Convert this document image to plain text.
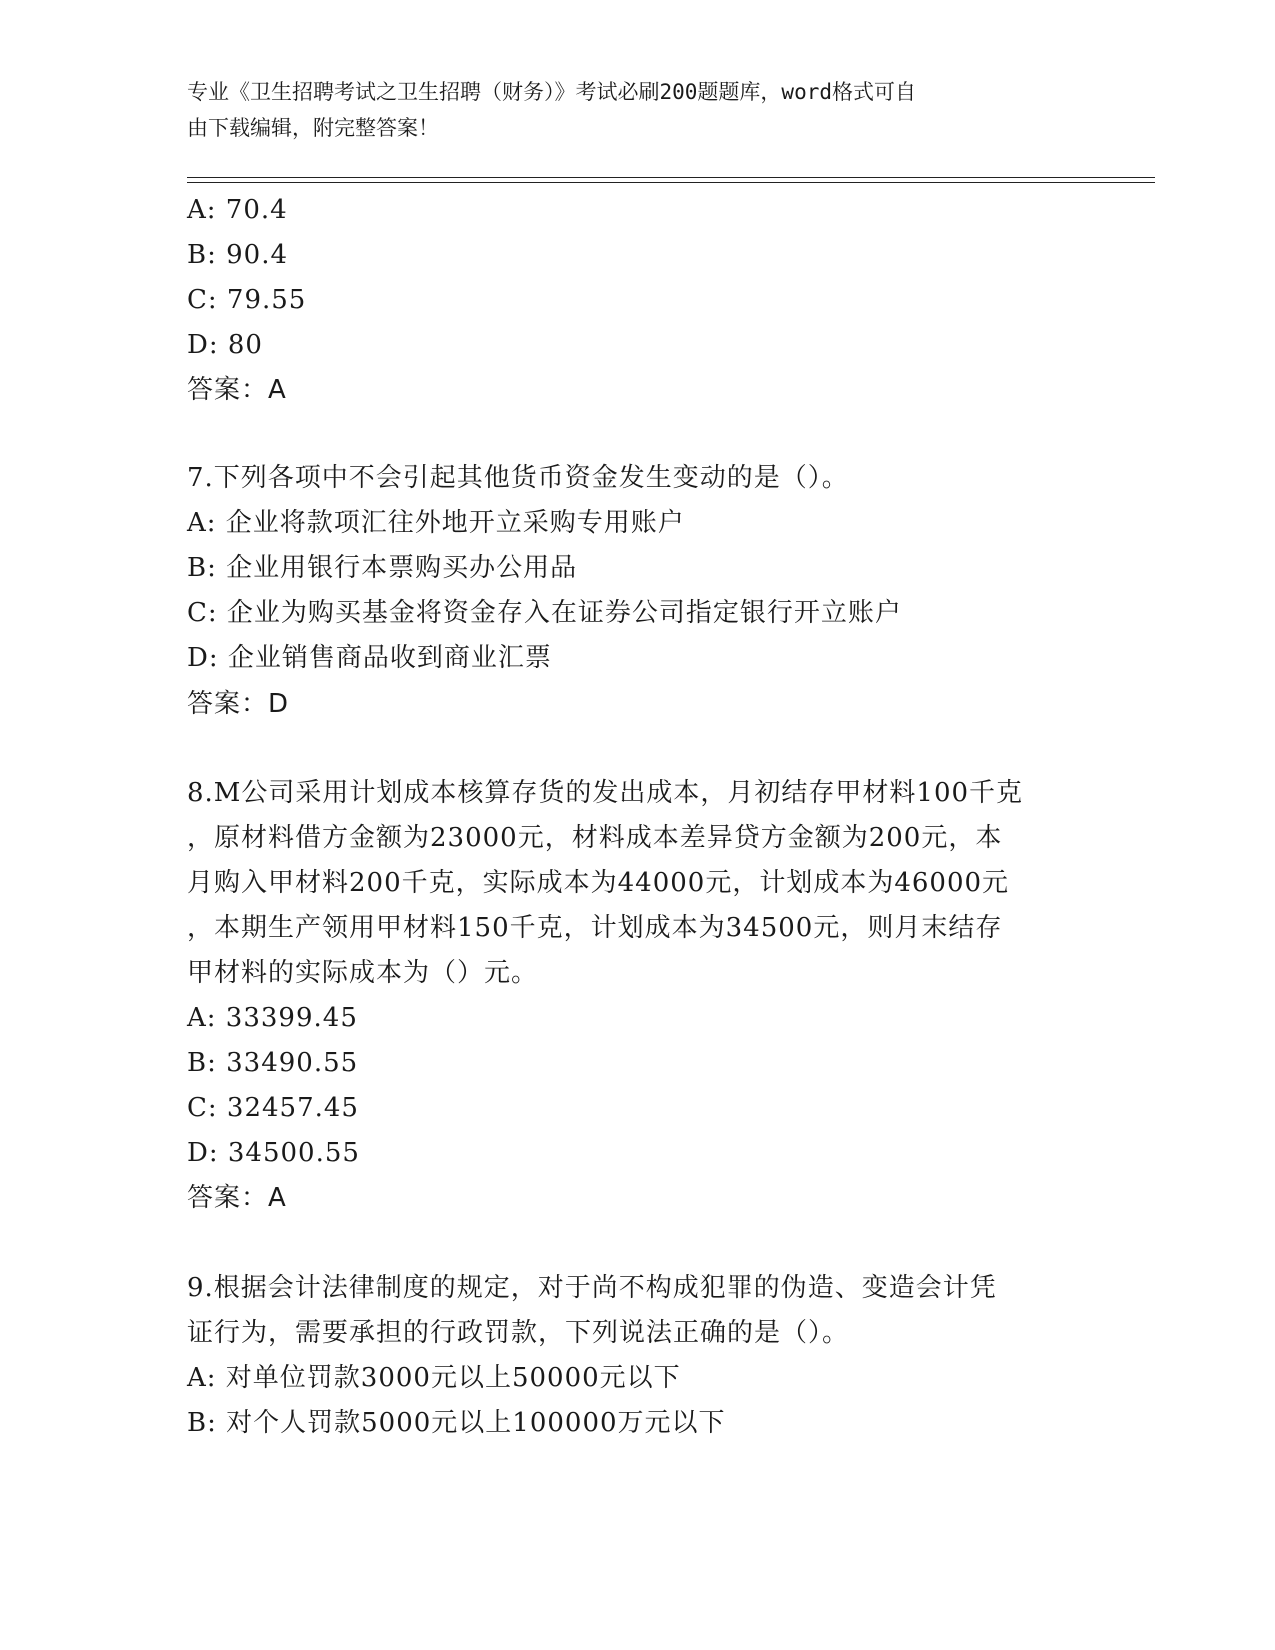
专业《卫生招聘考试之卫生招聘（财务）》考试必刷200题题库，word格式可自
由下载编辑，附完整答案！
A: 70.4
B: 90.4
C: 79.55
D: 80
答案：A
7.下列各项中不会引起其他货币资金发生变动的是（）。
A: 企业将款项汇往外地开立采购专用账户
B: 企业用银行本票购买办公用品
C: 企业为购买基金将资金存入在证券公司指定银行开立账户
D: 企业销售商品收到商业汇票
答案：D
8.M公司采用计划成本核算存货的发出成本，月初结存甲材料100千克
，原材料借方金额为23000元，材料成本差异贷方金额为200元，本
月购入甲材料200千克，实际成本为44000元，计划成本为46000元
，本期生产领用甲材料150千克，计划成本为34500元，则月末结存
甲材料的实际成本为（）元。
A: 33399.45
B: 33490.55
C: 32457.45
D: 34500.55
答案：A
9.根据会计法律制度的规定，对于尚不构成犯罪的伪造、变造会计凭
证行为，需要承担的行政罚款，下列说法正确的是（）。
A: 对单位罚款3000元以上50000元以下
B: 对个人罚款5000元以上100000万元以下
